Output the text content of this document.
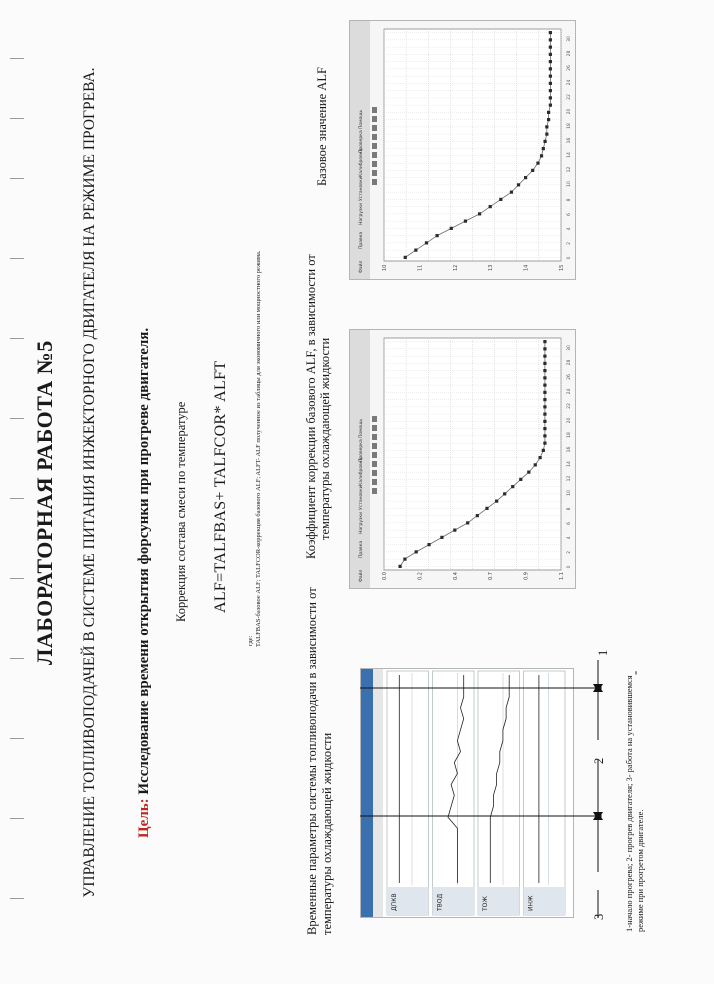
ЛАБОРАТОРНАЯ РАБОТА №5 УПРАВЛЕНИЕ ТОПЛИВОПОДАЧЕЙ В СИСТЕМЕ ПИТАНИЯ ИНЖЕКТОРНОГО ДВИГАТЕЛЯ НА РЕЖИМЕ ПРОГРЕВА.	Цель: Исследование времени открытия форсунки при прогреве двигателя. Коррекция состава смеси по температуре ALF=TALFBAS+ TALFCOR* ALFT
где: TALFBAS-базовое ALF; TALFCOR-коррекция базового ALF; ALFT- ALF полученное из таблицы для экономичного или мощностного режима.
Базовое значение ALF
Файл
Правка
Нагрузки
Установки
Калибровка
Проверка
Помощь
10	11	12	13	14	15
0
2
4
6
8
10
12
14
16
18
20
22
24
26
28
30
Коэффициент коррекции базового ALF, в зависимости от температуры охлаждающей жидкости
Файл
Правка
Нагрузки
Установки
Калибровка
Проверка
Помощь
0.0	0.2	0.4	0.7	0.9	1.1
0
2
4
6
8
10
12
14
16
18
20
22
24
26
28
30
Временные параметры системы топливоподачи в зависимости от температуры охлаждающей жидкости	ДПКВ	ТВОД	ТОЖ	ИНЖ
1
2
3 1-начало прогрева; 2- прогрев двигателя; 3- работа на установившемся режиме при прогретом двигателе.
-
